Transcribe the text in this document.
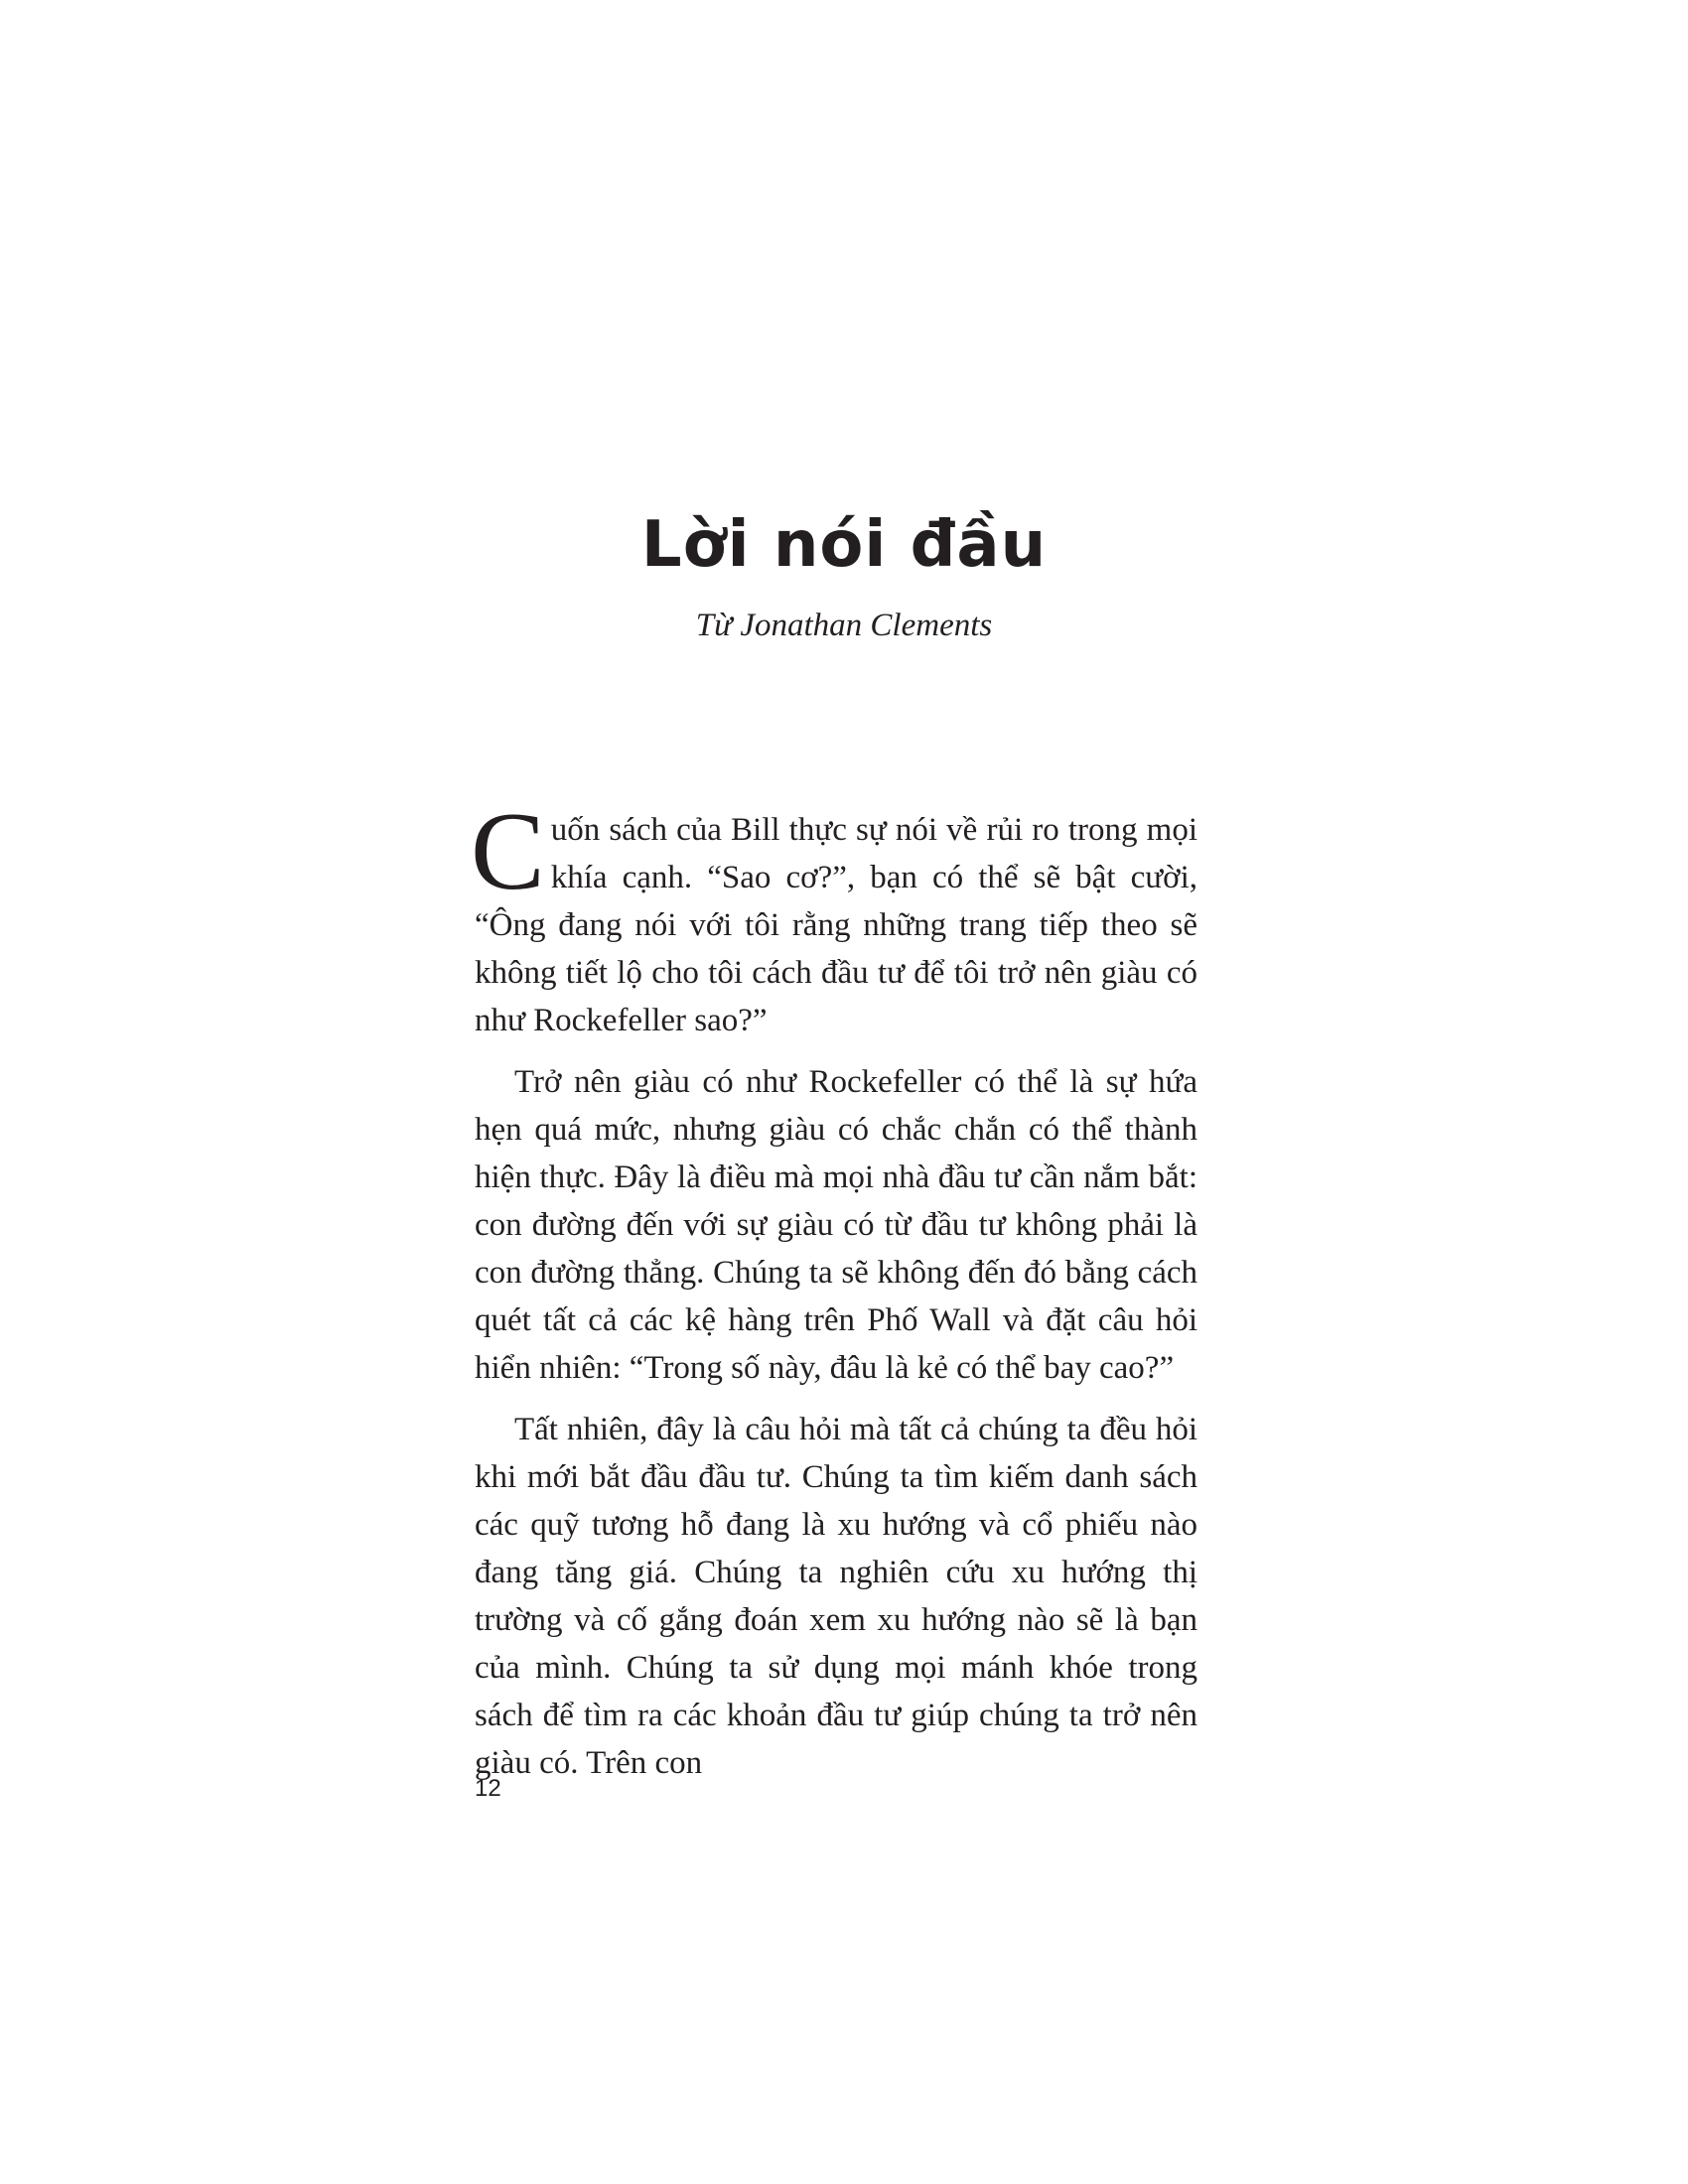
Lời nói đầu

Từ Jonathan Clements

Cuốn sách của Bill thực sự nói về rủi ro trong mọi khía cạnh. “Sao cơ?”, bạn có thể sẽ bật cười, “Ông đang nói với tôi rằng những trang tiếp theo sẽ không tiết lộ cho tôi cách đầu tư để tôi trở nên giàu có như Rockefeller sao?”

Trở nên giàu có như Rockefeller có thể là sự hứa hẹn quá mức, nhưng giàu có chắc chắn có thể thành hiện thực. Đây là điều mà mọi nhà đầu tư cần nắm bắt: con đường đến với sự giàu có từ đầu tư không phải là con đường thẳng. Chúng ta sẽ không đến đó bằng cách quét tất cả các kệ hàng trên Phố Wall và đặt câu hỏi hiển nhiên: “Trong số này, đâu là kẻ có thể bay cao?”

Tất nhiên, đây là câu hỏi mà tất cả chúng ta đều hỏi khi mới bắt đầu đầu tư. Chúng ta tìm kiếm danh sách các quỹ tương hỗ đang là xu hướng và cổ phiếu nào đang tăng giá. Chúng ta nghiên cứu xu hướng thị trường và cố gắng đoán xem xu hướng nào sẽ là bạn của mình. Chúng ta sử dụng mọi mánh khóe trong sách để tìm ra các khoản đầu tư giúp chúng ta trở nên giàu có. Trên con

12
